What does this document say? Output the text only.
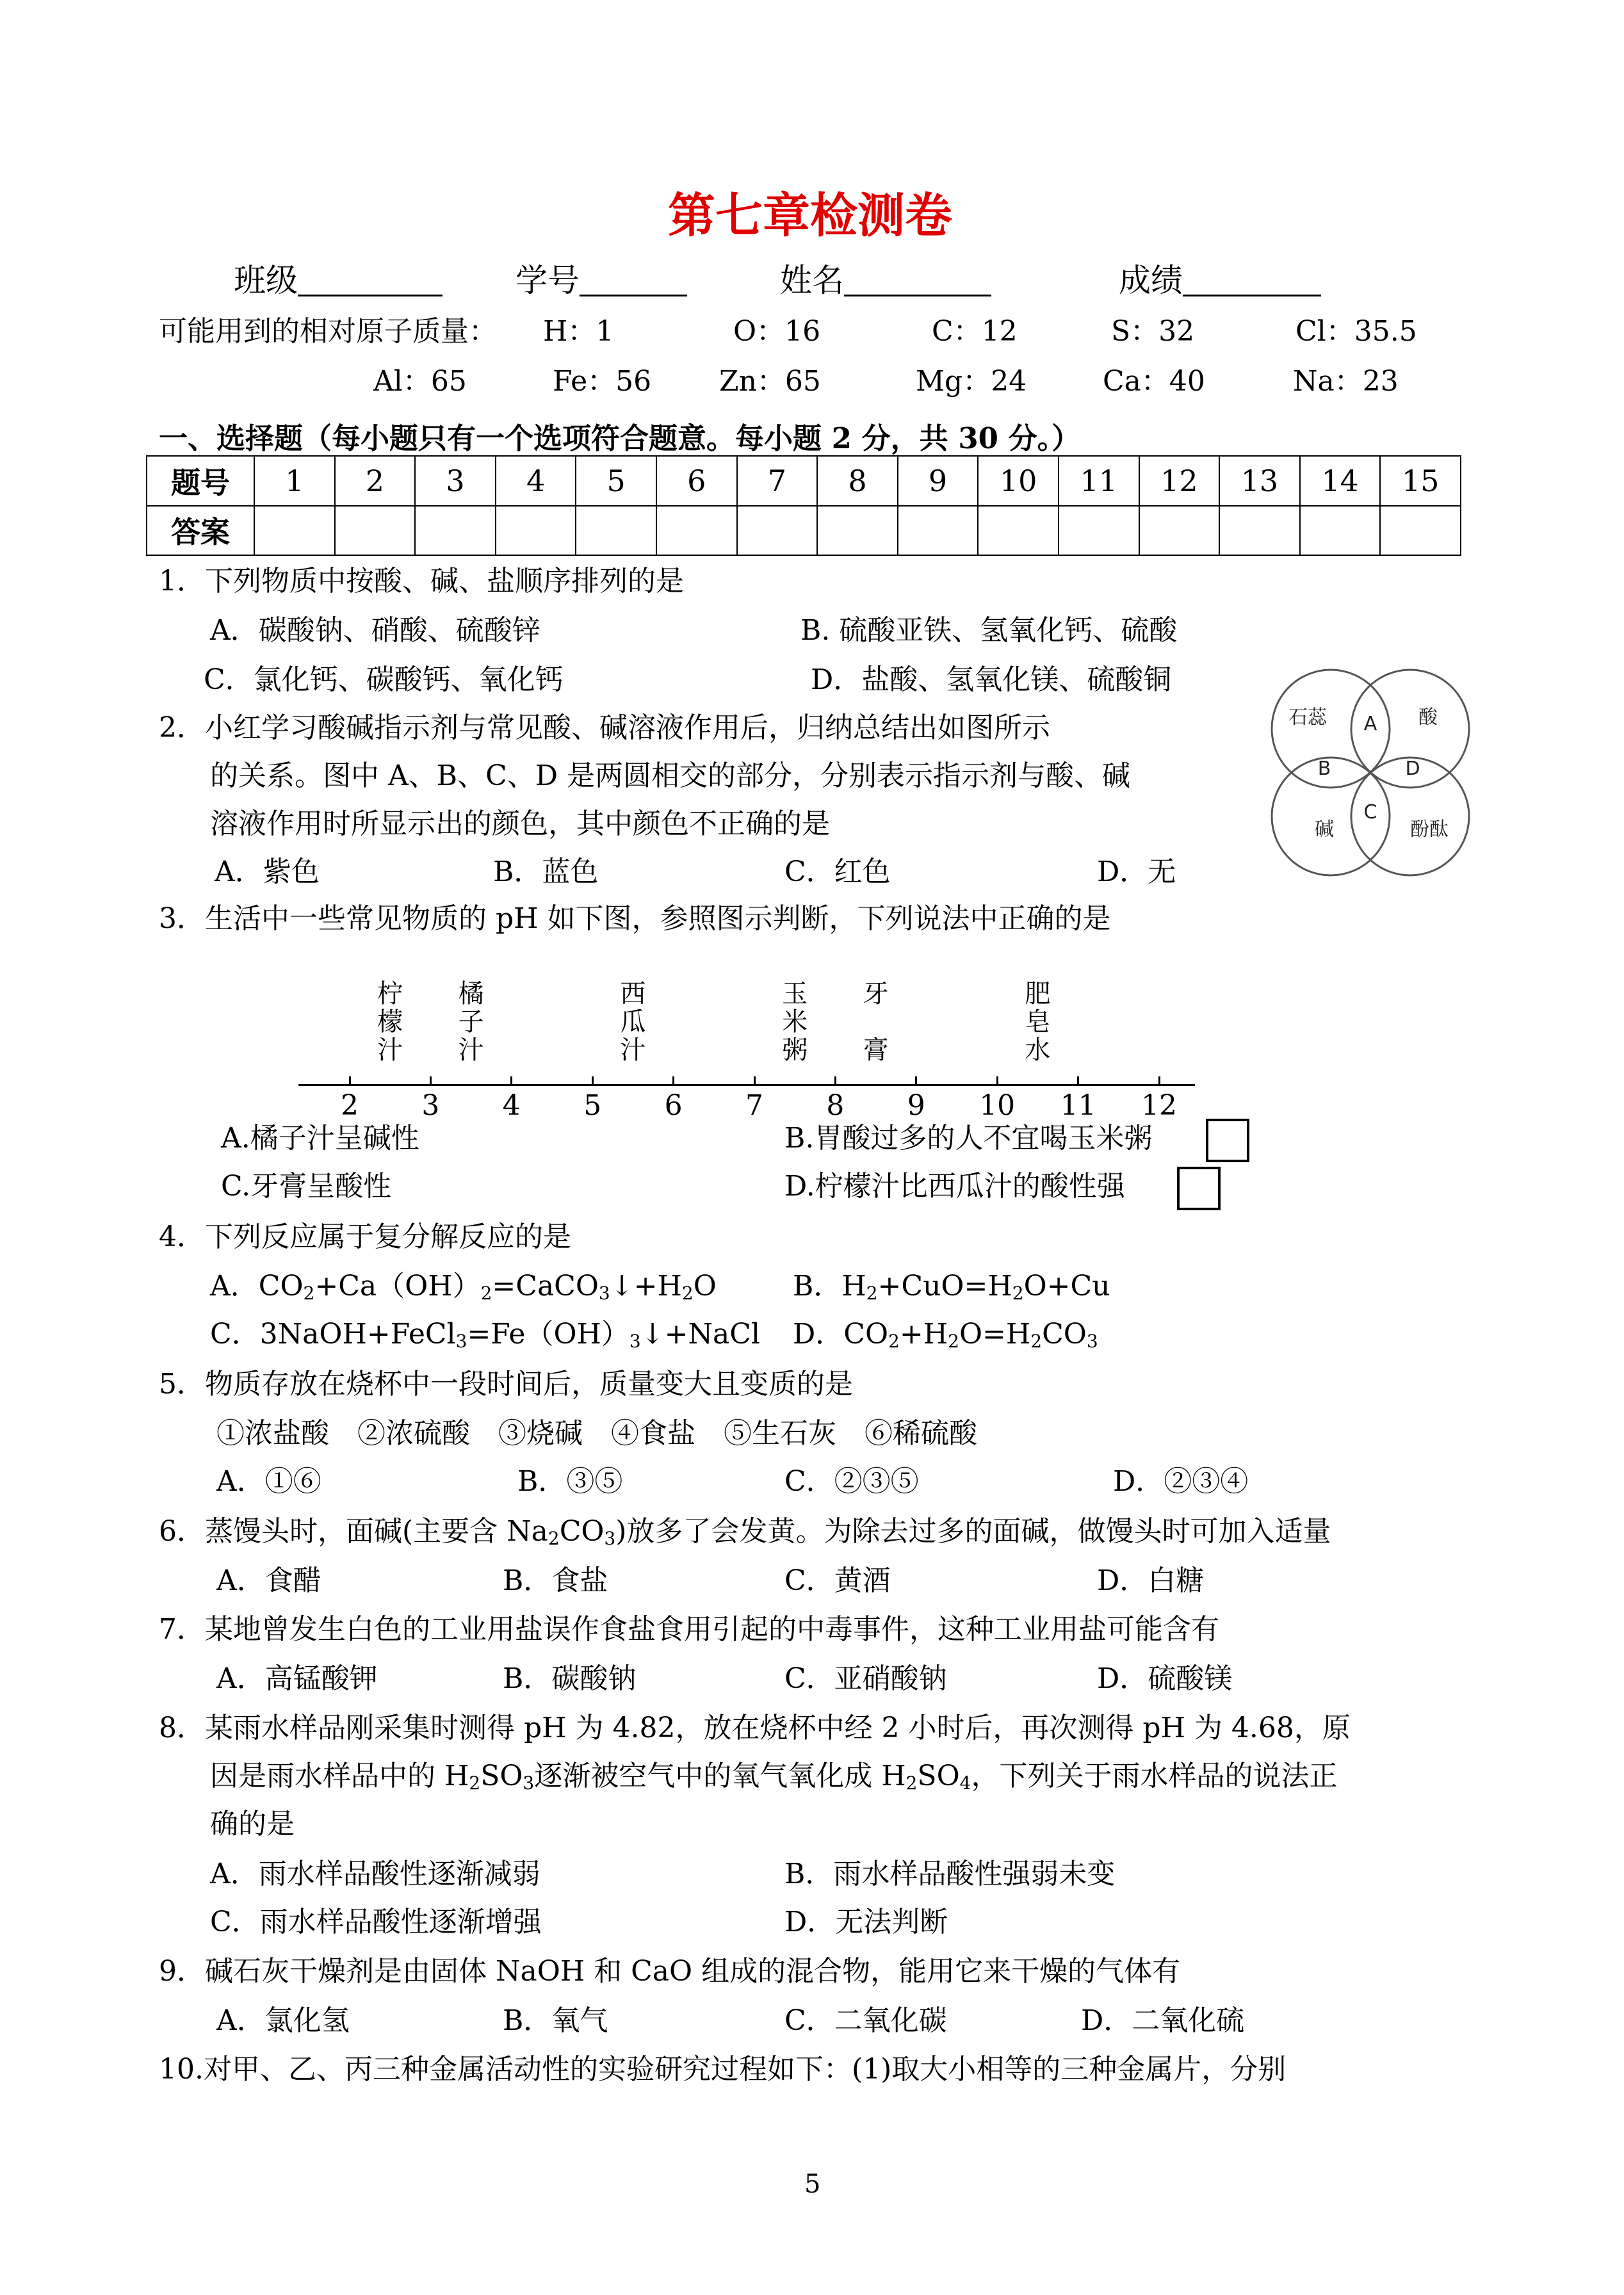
第七章检测卷
班级	学号	姓名	成绩
可能用到的相对原子质量： H：1	O：16	C：12	S：32	Cl：35.5
Al：65	Fe：56 Zn：65	Mg：24	Ca：40	Na：23
一、选择题（每小题只有一个选项符合题意。每小题 2 分，共 30 分。）
题号	1	2	3	4	5	6	7	8	9	10	11	12	13	14	15
答案															
1．下列物质中按酸、碱、盐顺序排列的是
A．碳酸钠、硝酸、硫酸锌	B. 硫酸亚铁、氢氧化钙、硫酸
C．氯化钙、碳酸钙、氧化钙	D．盐酸、氢氧化镁、硫酸铜
2．小红学习酸碱指示剂与常见酸、碱溶液作用后，归纳总结出如图所示
的关系。图中 A、B、C、D 是两圆相交的部分，分别表示指示剂与酸、碱
溶液作用时所显示出的颜色，其中颜色不正确的是
A．紫色	B．蓝色	C．红色	D．无
石蕊	酸
碱	酚酞
A
B	D
C
3．生活中一些常见物质的 pH 如下图，参照图示判断，下列说法中正确的是
2	3	4	5	6	7	8	9	10 11 12
柠
檬
汁
橘
子
汁
西
瓜
汁
玉
米
粥
牙
膏
肥
皂
水
A.橘子汁呈碱性	B.胃酸过多的人不宜喝玉米粥
C.牙膏呈酸性	D.柠檬汁比西瓜汁的酸性强
4．下列反应属于复分解反应的是
A．$CO_2+Ca(OH)_2=CaCO_3↓+H_2O$	B．$H_2+CuO=H_2O+Cu$
C．$3NaOH+FeCl_3=Fe(OH)_3↓+NaCl$ D．$CO_2+H_2O=H_2CO_3$
5．物质存放在烧杯中一段时间后，质量变大且变质的是
①浓盐酸　②浓硫酸　③烧碱　④食盐　⑤生石灰　⑥稀硫酸
A．①⑥	B．③⑤	C．②③⑤	D．②③④
6．蒸馒头时，面碱(主要含 $Na_2CO_3$)放多了会发黄。为除去过多的面碱，做馒头时可加入适量
A．食醋	B．食盐	C．黄酒	D．白糖
7．某地曾发生白色的工业用盐误作食盐食用引起的中毒事件，这种工业用盐可能含有
A．高锰酸钾	B．碳酸钠	C．亚硝酸钠	D．硫酸镁
8．某雨水样品刚采集时测得 pH 为 4.82，放在烧杯中经 2 小时后，再次测得 pH 为 4.68，原
因是雨水样品中的 $H_2SO_3$逐渐被空气中的氧气氧化成 $H_2SO_4$，下列关于雨水样品的说法正
确的是
A．雨水样品酸性逐渐减弱	B．雨水样品酸性强弱未变
C．雨水样品酸性逐渐增强	D．无法判断
9．碱石灰干燥剂是由固体 NaOH 和 CaO 组成的混合物，能用它来干燥的气体有
A．氯化氢	B．氧气	C．二氧化碳	D．二氧化硫
10.对甲、乙、丙三种金属活动性的实验研究过程如下：(1)取大小相等的三种金属片，分别
5
